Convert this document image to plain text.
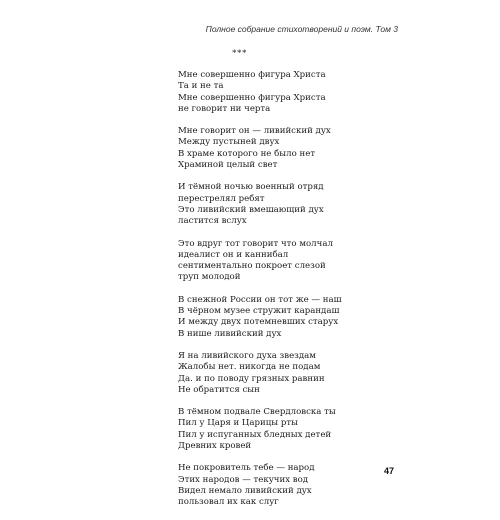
Полное собрание стихотворений и поэм. Том 3
***
Мне совершенно фигура Христа
Та и не та
Мне совершенно фигура Христа
не говорит ни черта
Мне говорит он — ливийский дух
Между пустыней двух
В храме которого не было нет
Храминой целый свет
И тёмной ночью военный отряд
перестрелял ребят
Это ливийский вмешающий дух
ластится вслух
Это вдруг тот говорит что молчал
идеалист он и каннибал
сентиментально покроет слезой
труп молодой
В снежной России он тот же — наш
В чёрном музее стружит карандаш
И между двух потемневших старух
В нише ливийский дух
Я на ливийского духа звездам
Жалобы нет. никогда не подам
Да. и по поводу грязных равнин
Не обратится сын
В тёмном подвале Свердловска ты
Пил у Царя и Царицы рты
Пил у испуганных бледных детей
Древних кровей
Не покровитель тебе — народ
Этих народов — текучих вод
Видел немало ливийский дух
пользовал их как слуг
47
